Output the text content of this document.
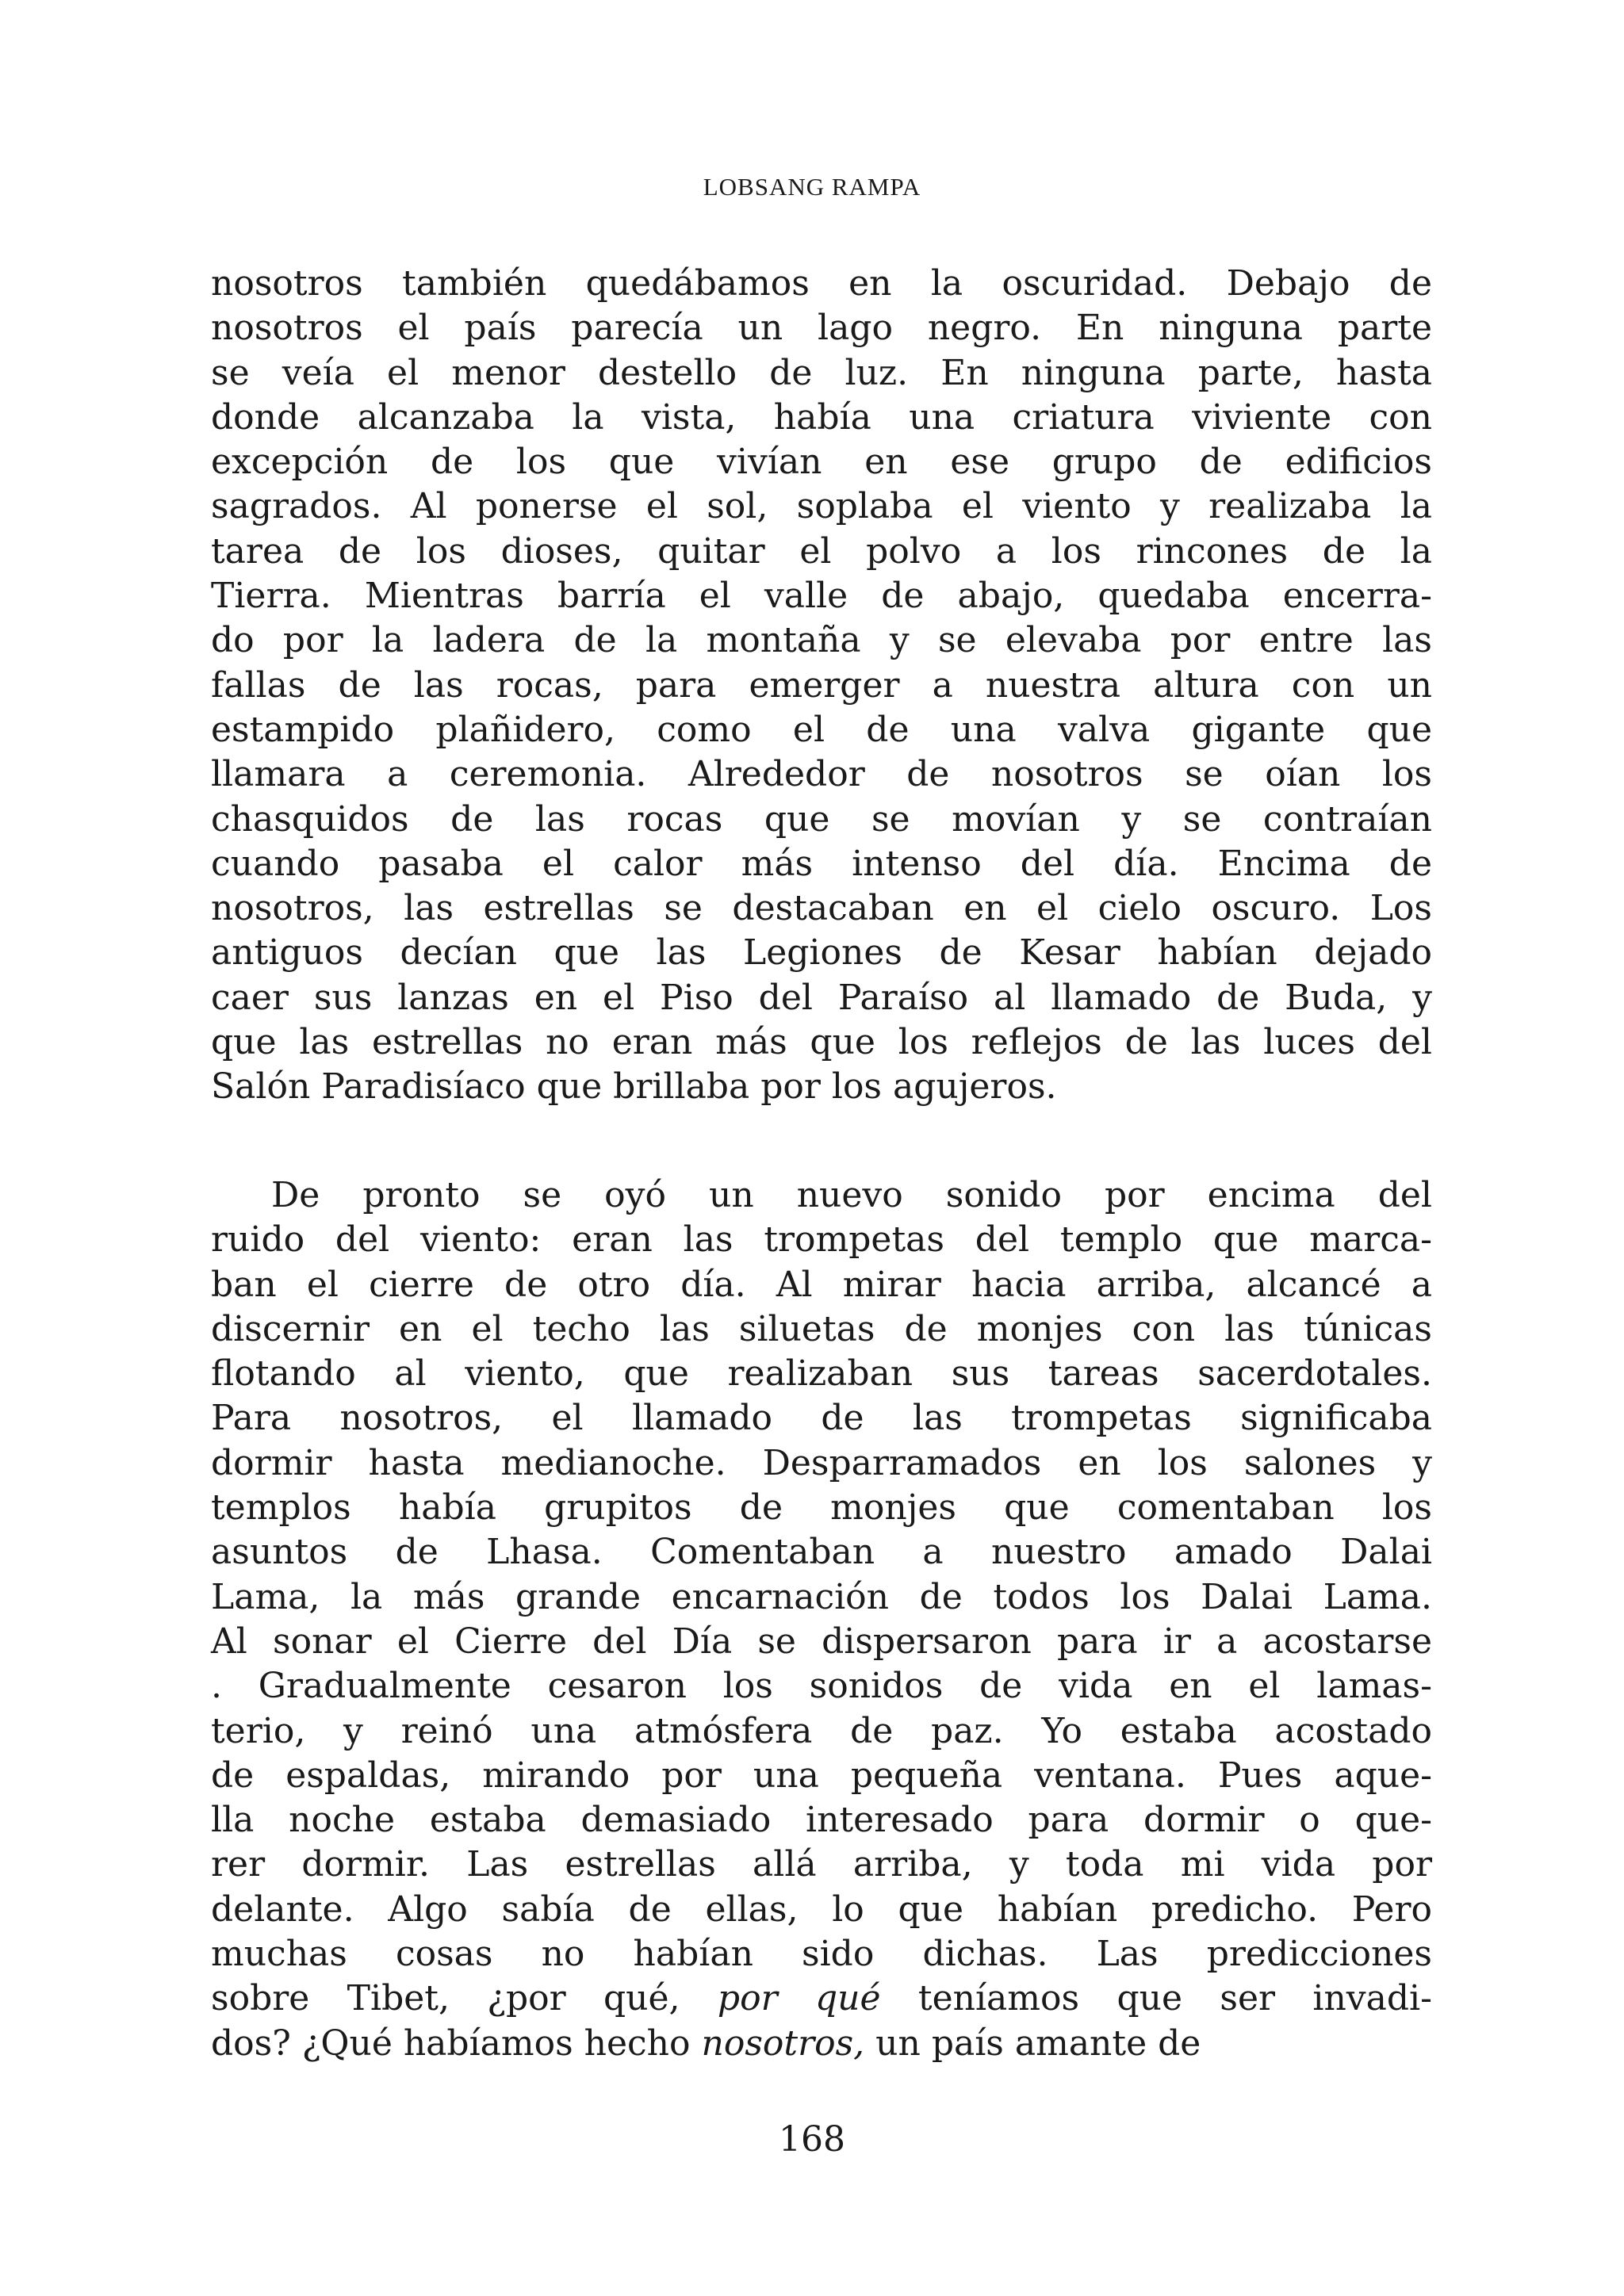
LOBSANG RAMPA
nosotros también quedábamos en la oscuridad. Debajo de
nosotros el país parecía un lago negro. En ninguna parte
se veía el menor destello de luz. En ninguna parte, hasta
donde alcanzaba la vista, había una criatura viviente con
excepción de los que vivían en ese grupo de edificios
sagrados. Al ponerse el sol, soplaba el viento y realizaba la
tarea de los dioses, quitar el polvo a los rincones de la
Tierra. Mientras barría el valle de abajo, quedaba encerra-
do por la ladera de la montaña y se elevaba por entre las
fallas de las rocas, para emerger a nuestra altura con un
estampido plañidero, como el de una valva gigante que
llamara a ceremonia. Alrededor de nosotros se oían los
chasquidos de las rocas que se movían y se contraían
cuando pasaba el calor más intenso del día. Encima de
nosotros, las estrellas se destacaban en el cielo oscuro. Los
antiguos decían que las Legiones de Kesar habían dejado
caer sus lanzas en el Piso del Paraíso al llamado de Buda, y
que las estrellas no eran más que los reflejos de las luces del
Salón Paradisíaco que brillaba por los agujeros.
De pronto se oyó un nuevo sonido por encima del
ruido del viento: eran las trompetas del templo que marca-
ban el cierre de otro día. Al mirar hacia arriba, alcancé a
discernir en el techo las siluetas de monjes con las túnicas
flotando al viento, que realizaban sus tareas sacerdotales.
Para nosotros, el llamado de las trompetas significaba
dormir hasta medianoche. Desparramados en los salones y
templos había grupitos de monjes que comentaban los
asuntos de Lhasa. Comentaban a nuestro amado Dalai
Lama, la más grande encarnación de todos los Dalai Lama.
Al sonar el Cierre del Día se dispersaron para ir a acostarse
. Gradualmente cesaron los sonidos de vida en el lamas-
terio, y reinó una atmósfera de paz. Yo estaba acostado
de espaldas, mirando por una pequeña ventana. Pues aque-
lla noche estaba demasiado interesado para dormir o que-
rer dormir. Las estrellas allá arriba, y toda mi vida por
delante. Algo sabía de ellas, lo que habían predicho. Pero
muchas cosas no habían sido dichas. Las predicciones
sobre Tibet, ¿por qué, por qué teníamos que ser invadi-
dos? ¿Qué habíamos hecho nosotros, un país amante de
168
